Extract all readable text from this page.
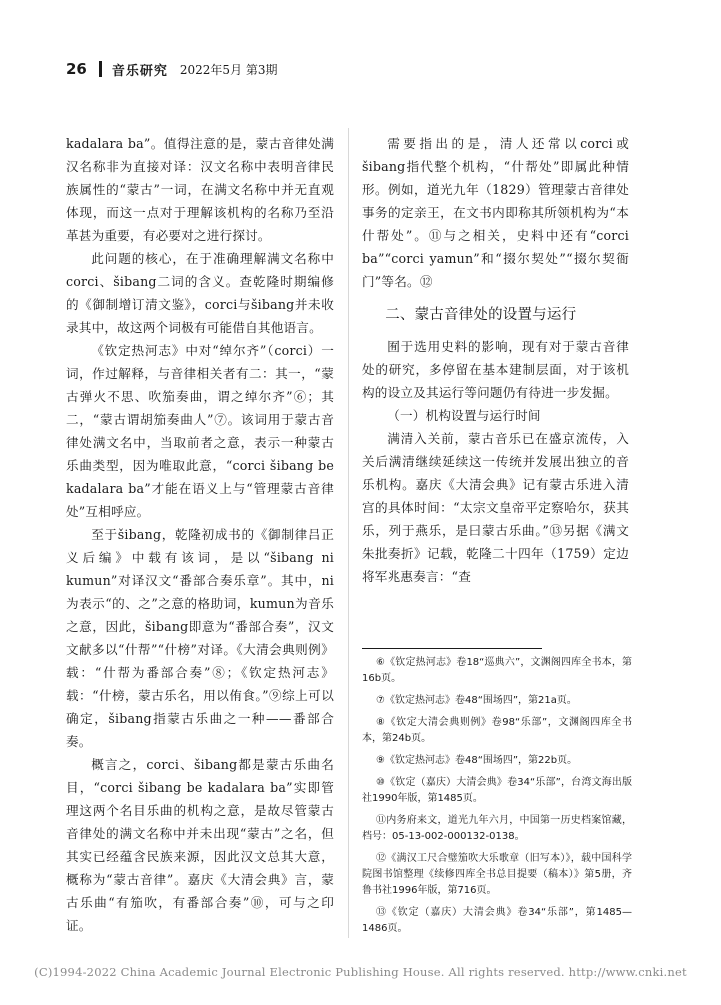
26 音乐研究 2022年5月 第3期

kadalara ba”。值得注意的是，蒙古音律处满汉名称非为直接对译：汉文名称中表明音律民族属性的“蒙古”一词，在满文名称中并无直观体现，而这一点对于理解该机构的名称乃至沿革甚为重要，有必要对之进行探讨。

此问题的核心，在于准确理解满文名称中corci、šibang二词的含义。查乾隆时期编修的《御制增订清文鉴》，corci与šibang并未收录其中，故这两个词极有可能借自其他语言。

《钦定热河志》中对“绰尔齐”（corci）一词，作过解释，与音律相关者有二：其一，“蒙古弹火不思、吹笳奏曲，谓之绰尔齐”⑥；其二，“蒙古谓胡笳奏曲人”⑦。该词用于蒙古音律处满文名中，当取前者之意，表示一种蒙古乐曲类型，因为唯取此意，“corci šibang be kadalara ba”才能在语义上与“管理蒙古音律处”互相呼应。

至于šibang，乾隆初成书的《御制律吕正义后编》中载有该词，是以“šibang ni kumun”对译汉文“番部合奏乐章”。其中，ni为表示“的、之”之意的格助词，kumun为音乐之意，因此，šibang即意为“番部合奏”，汉文文献多以“什帮”“什榜”对译。《大清会典则例》载：“什帮为番部合奏”⑧；《钦定热河志》载：“什榜，蒙古乐名，用以侑食。”⑨综上可以确定，šibang指蒙古乐曲之一种——番部合奏。

概言之，corci、šibang都是蒙古乐曲名目，“corci šibang be kadalara ba”实即管理这两个名目乐曲的机构之意，是故尽管蒙古音律处的满文名称中并未出现“蒙古”之名，但其实已经蕴含民族来源，因此汉文总其大意，概称为“蒙古音律”。嘉庆《大清会典》言，蒙古乐曲“有笳吹，有番部合奏”⑩，可与之印证。

需要指出的是，清人还常以corci或šibang指代整个机构，“什帮处”即属此种情形。例如，道光九年（1829）管理蒙古音律处事务的定亲王，在文书内即称其所领机构为“本什帮处”。⑪与之相关，史料中还有“corci ba”“corci yamun”和“掇尔契处”“掇尔契衙门”等名。⑫

二、蒙古音律处的设置与运行

囿于选用史料的影响，现有对于蒙古音律处的研究，多停留在基本建制层面，对于该机构的设立及其运行等问题仍有待进一步发掘。

（一）机构设置与运行时间

满清入关前，蒙古音乐已在盛京流传，入关后满清继续延续这一传统并发展出独立的音乐机构。嘉庆《大清会典》记有蒙古乐进入清宫的具体时间：“太宗文皇帝平定察哈尔，获其乐，列于燕乐，是曰蒙古乐曲。”⑬另据《满文朱批奏折》记载，乾隆二十四年（1759）定边将军兆惠奏言：“查

⑥《钦定热河志》卷18“巡典六”，文渊阁四库全书本，第16b页。

⑦《钦定热河志》卷48“围场四”，第21a页。

⑧《钦定大清会典则例》卷98“乐部”，文渊阁四库全书本，第24b页。

⑨《钦定热河志》卷48“围场四”，第22b页。

⑩《钦定（嘉庆）大清会典》卷34“乐部”，台湾文海出版社1990年版，第1485页。

⑪内务府来文，道光九年六月，中国第一历史档案馆藏，档号：05-13-002-000132-0138。

⑫《满汉工尺合璧笳吹大乐歌章（旧写本）》，载中国科学院图书馆整理《续修四库全书总目提要（稿本）》第5册，齐鲁书社1996年版，第716页。

⑬《钦定（嘉庆）大清会典》卷34“乐部”，第1485—1486页。

(C)1994-2022 China Academic Journal Electronic Publishing House. All rights reserved. http://www.cnki.net
